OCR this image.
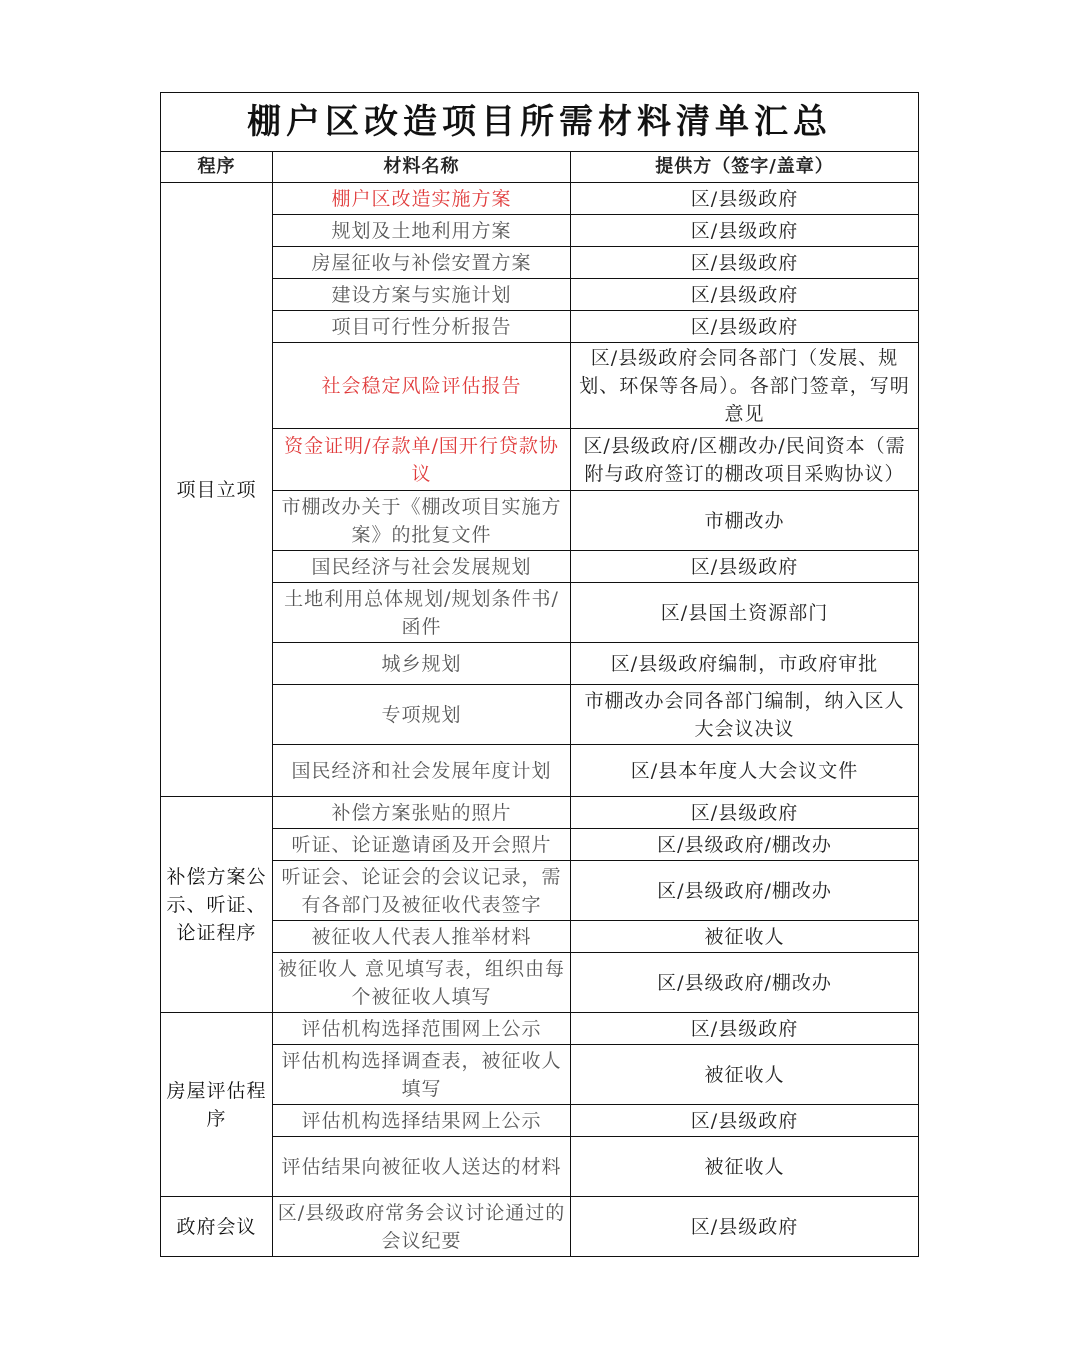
棚户区改造项目所需材料清单汇总		
程序	材料名称	提供方（签字/盖章）
项目立项	棚户区改造实施方案	区/县级政府
	规划及土地利用方案	区/县级政府
	房屋征收与补偿安置方案	区/县级政府
	建设方案与实施计划	区/县级政府
	项目可行性分析报告	区/县级政府
	社会稳定风险评估报告	区/县级政府会同各部门（发展、规划、环保等各局）。各部门签章，写明意见
	资金证明/存款单/国开行贷款协议	区/县级政府/区棚改办/民间资本（需附与政府签订的棚改项目采购协议）
	市棚改办关于《棚改项目实施方案》的批复文件	市棚改办
	国民经济与社会发展规划	区/县级政府
	土地利用总体规划/规划条件书/函件	区/县国土资源部门
	城乡规划	区/县级政府编制，市政府审批
	专项规划	市棚改办会同各部门编制，纳入区人大会议决议
	国民经济和社会发展年度计划	区/县本年度人大会议文件
补偿方案公示、听证、论证程序	补偿方案张贴的照片	区/县级政府
	听证、论证邀请函及开会照片	区/县级政府/棚改办
	听证会、论证会的会议记录，需有各部门及被征收代表签字	区/县级政府/棚改办
	被征收人代表人推举材料	被征收人
	被征收人 意见填写表，组织由每个被征收人填写	区/县级政府/棚改办
房屋评估程序	评估机构选择范围网上公示	区/县级政府
	评估机构选择调查表，被征收人填写	被征收人
	评估机构选择结果网上公示	区/县级政府
	评估结果向被征收人送达的材料	被征收人
政府会议	区/县级政府常务会议讨论通过的会议纪要	区/县级政府
